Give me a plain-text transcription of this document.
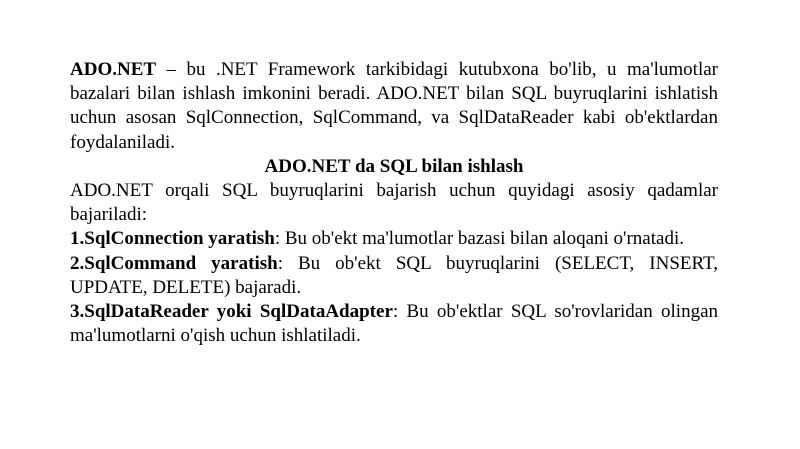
ADO.NET – bu .NET Framework tarkibidagi kutubxona bo'lib, u ma'lumotlar bazalari bilan ishlash imkonini beradi. ADO.NET bilan SQL buyruqlarini ishlatish uchun asosan SqlConnection, SqlCommand, va SqlDataReader kabi ob'ektlardan foydalaniladi.

ADO.NET da SQL bilan ishlash

ADO.NET orqali SQL buyruqlarini bajarish uchun quyidagi asosiy qadamlar bajariladi:

1.SqlConnection yaratish: Bu ob'ekt ma'lumotlar bazasi bilan aloqani o'rnatadi.

2.SqlCommand yaratish: Bu ob'ekt SQL buyruqlarini (SELECT, INSERT, UPDATE, DELETE) bajaradi.

3.SqlDataReader yoki SqlDataAdapter: Bu ob'ektlar SQL so'rovlaridan olingan ma'lumotlarni o'qish uchun ishlatiladi.
